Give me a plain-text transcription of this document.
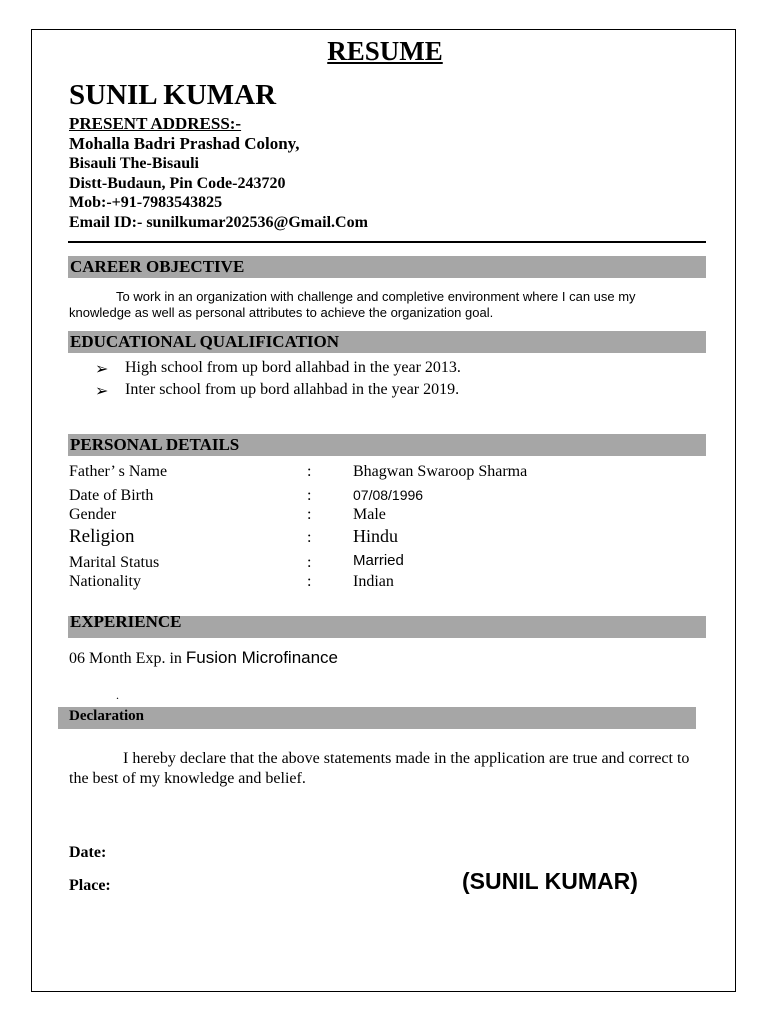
RESUME
SUNIL KUMAR
PRESENT ADDRESS:-
Mohalla Badri Prashad Colony,
Bisauli The-Bisauli
Distt-Budaun, Pin Code-243720
Mob:-+91-7983543825
Email ID:- sunilkumar202536@Gmail.Com
CAREER OBJECTIVE
To work in an organization with challenge and completive environment where I can use my knowledge as well as personal attributes to achieve the organization goal.
EDUCATIONAL QUALIFICATION
➢ High school from up bord allahbad in the year 2013.
➢ Inter school from up bord allahbad in the year 2019.
PERSONAL DETAILS
Father’ s Name	:	Bhagwan Swaroop Sharma
Date of Birth	:	07/08/1996
Gender	:	Male
Religion	: Hindu
Marital Status	:	Married
Nationality	:	Indian
EXPERIENCE
06 Month Exp. in Fusion Microfinance
.
Declaration
I hereby declare that the above statements made in the application are true and correct to the best of my knowledge and belief.
Date:
Place:	(SUNIL KUMAR)
